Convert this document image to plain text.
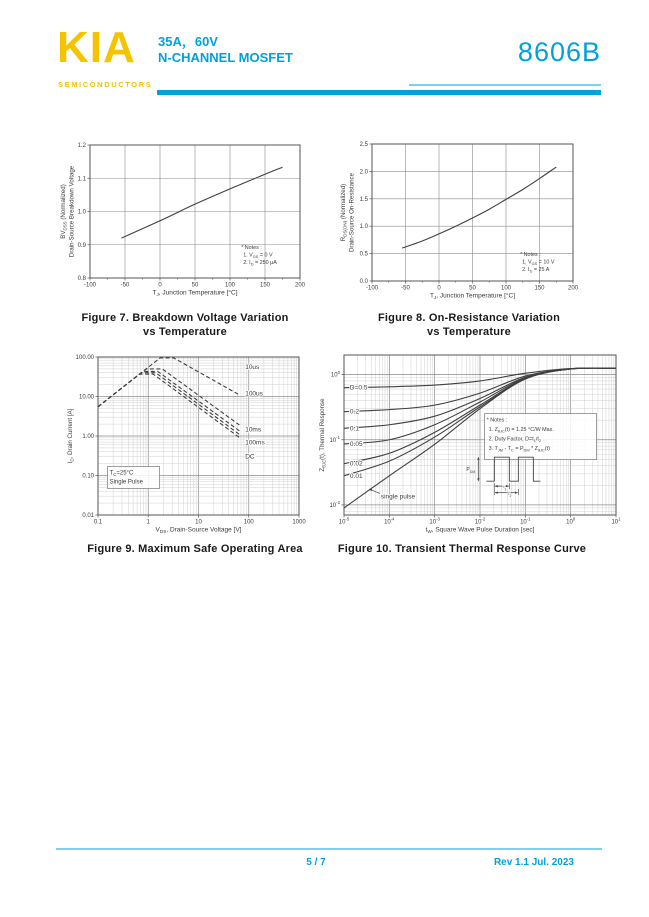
KIA
SEMICONDUCTORS
35A，60V
N-CHANNEL MOSFET	8606B
-100	-50	0	50	100	150	200
0.8
0.9
1.0
1.1
1.2
$T_J$, Junction Temperature [°C]
$BV_{DSS}$ (Normalized) Drain-Source Breakdown Voltage	* Notes :
1. $V_{GS} = 0$ V
2. $I_D = 250$ μA
Figure 7. Breakdown Voltage Variation
vs Temperature
-100	-50	0	50	100	150	200
0.0
0.5
1.0
1.5
2.0
2.5
$T_J$, Junction Temperature [°C]
$R_{DS(ON)}$ (Normalized) Drain-Source On-Resistance
* Notes :
1. $V_{GS} = 10$ V
2. $I_D = 25$ A
Figure 8. On-Resistance Variation
vs Temperature
0.1	1	10	100	1000
100.00
10.00
1.00
0.10
0.01
10us
100us
10ms
100ms
DC
$V_{DS}$, Drain-Source Voltage [V]
$I_D$, Drain Current [A]
$T_C=25^\circ C$
Single Pulse
Figure 9. Maximum Safe Operating Area
$10^{-5}$
$10^{-4}$
$10^{-3}$
$10^{-2}$
$10^{-1}$
$10^0$
$10^1$
$10^0$
$10^{-1}$
$10^{-2}$
D=0.5
0.2
0.1
0.05
0.02
0.01
single pulse
$t_W$, Square Wave Pulse Duration [sec]
$Z_{\theta JC}(t)$, Thermal Response	* Notes :
1. $Z_{\theta JC}(t) = 1.25$ °C/W Max.
2. Duty Factor, $D=t_1/t_2$
3. $T_{JM} - T_C = P_{DM} * Z_{\theta JC}(t)$
$P_{DM}$
$t_1$
$t_2$
Figure 10. Transient Thermal Response Curve
5 / 7	Rev 1.1 Jul. 2023
